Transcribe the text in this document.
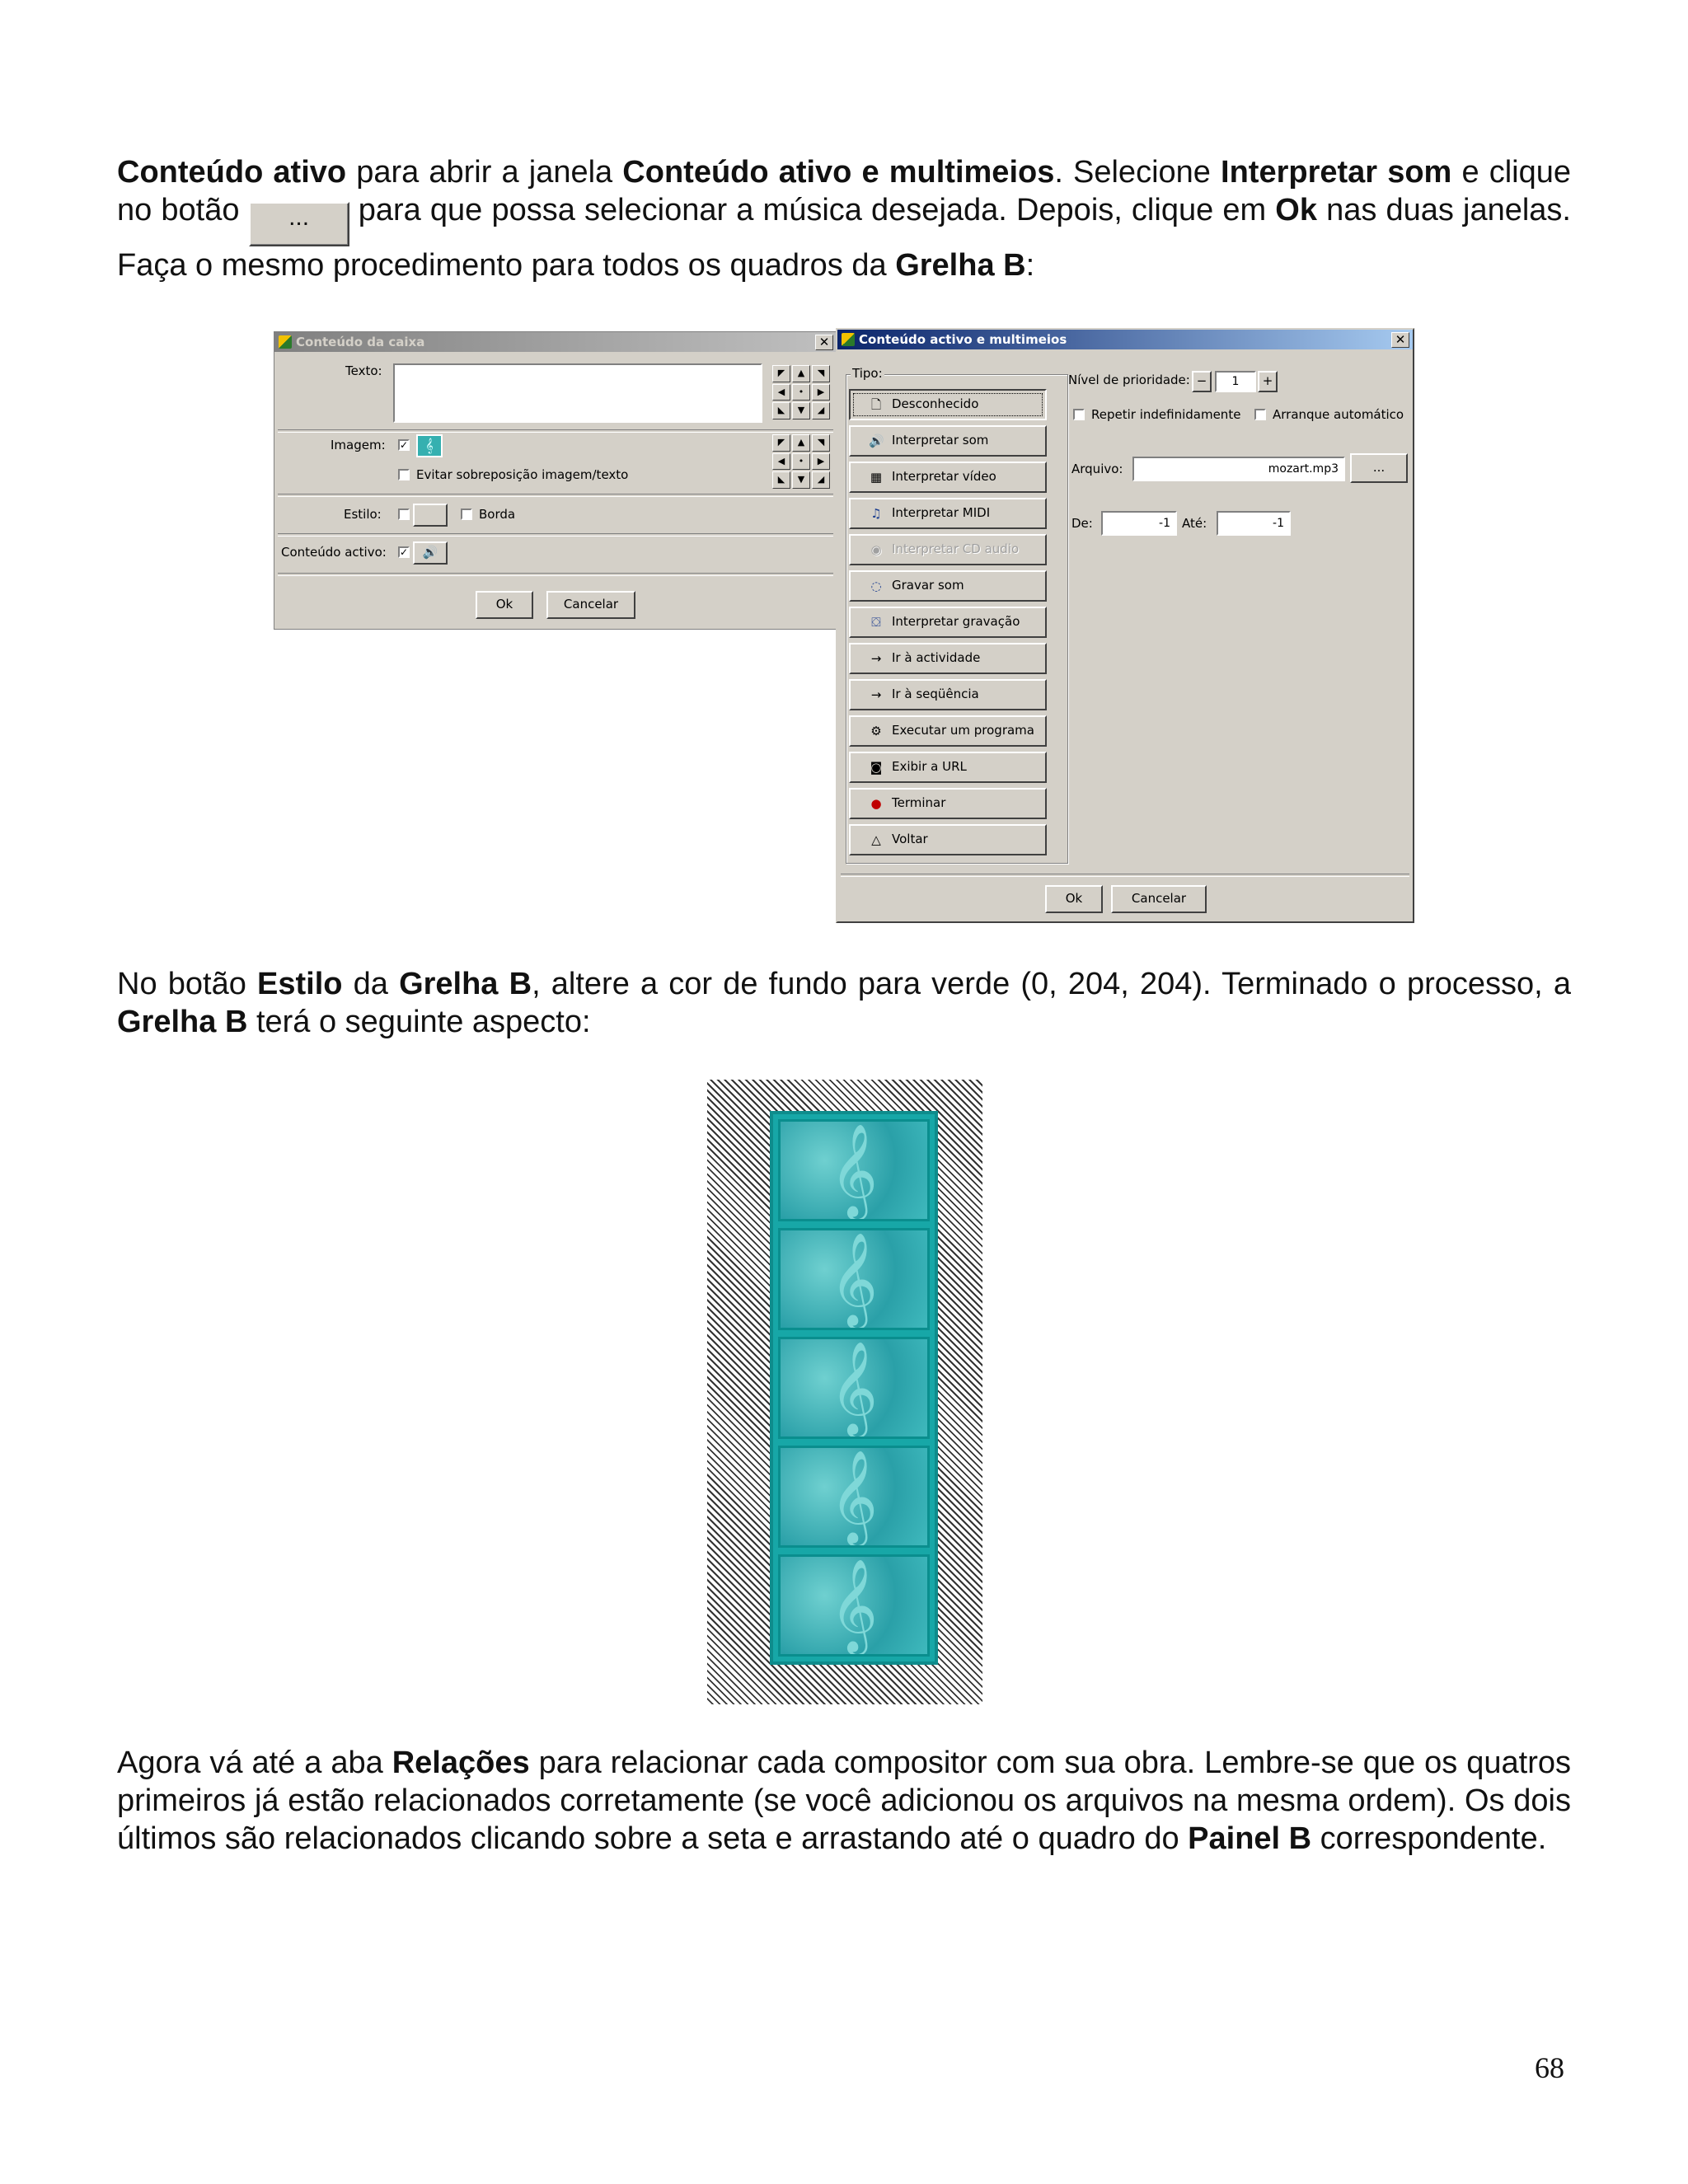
Conteúdo ativo para abrir a janela Conteúdo ativo e multimeios. Selecione Interpretar som e clique no botão ... para que possa selecionar a música desejada. Depois, clique em Ok nas duas janelas. Faça o mesmo procedimento para todos os quadros da Grelha B:
Conteúdo da caixa	✕
Texto:	◤	▲	◥
◀	•	▶
◣	▼	◢
Imagem: ✓	𝄞
Evitar sobreposição imagem/texto
◤	▲	◥
◀	•	▶
◣	▼	◢
Estilo:	Borda
Conteúdo activo: ✓	🔊
Ok	Cancelar
Conteúdo activo e multimeios	✕
Tipo:
🗋 Desconhecido
🔊 Interpretar som
▦ Interpretar vídeo
♫ Interpretar MIDI
◉ Interpretar CD audio
◌ Gravar som
⛋ Interpretar gravação
→ Ir à actividade
→ Ir à seqüência
⚙ Executar um programa
◙ Exibir a URL
● Terminar
△ Voltar
Nível de prioridade: −	1	+
Repetir indefinidamente	Arranque automático
Arquivo:	mozart.mp3	...
De:	-1 Até:	-1
Ok	Cancelar
No botão Estilo da Grelha B, altere a cor de fundo para verde (0, 204, 204). Terminado o processo, a Grelha B terá o seguinte aspecto:
𝄞
𝄞
𝄞
𝄞
𝄞
Agora vá até a aba Relações para relacionar cada compositor com sua obra. Lembre-se que os quatros primeiros já estão relacionados corretamente (se você adicionou os arquivos na mesma ordem). Os dois últimos são relacionados clicando sobre a seta e arrastando até o quadro do Painel B correspondente.
68
